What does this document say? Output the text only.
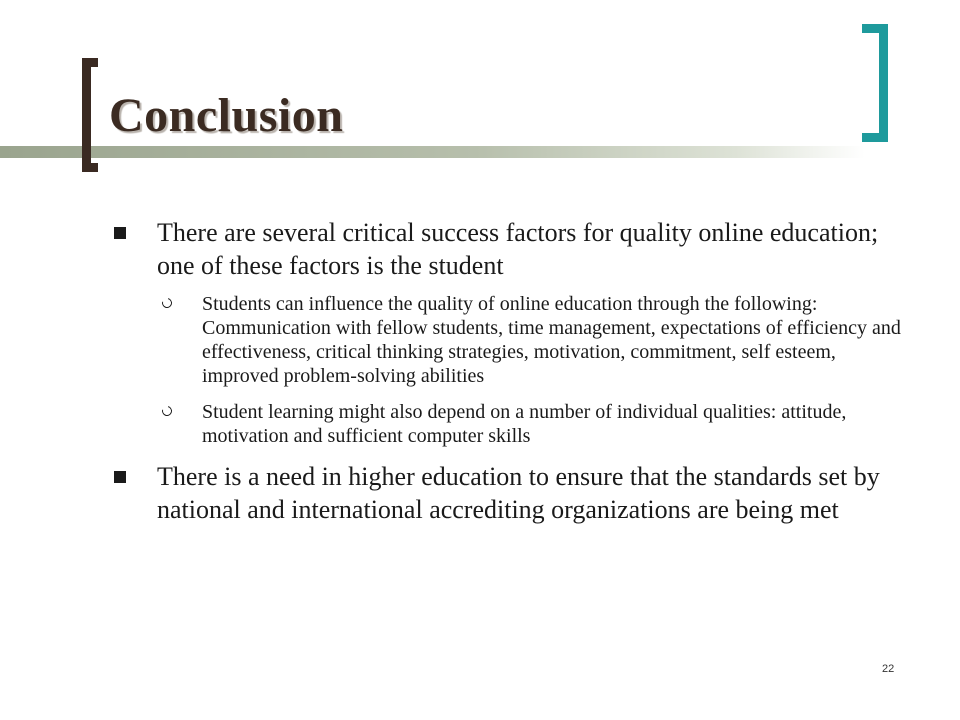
Conclusion
There are several critical success factors for quality online education; one of these factors is the student
Students can influence the quality of online education through the following: Communication with fellow students, time management, expectations of efficiency and effectiveness, critical thinking strategies, motivation, commitment, self esteem, improved problem-solving abilities
Student learning might also depend on a number of individual qualities: attitude, motivation and sufficient computer skills
There is a need in higher education to ensure that the standards set by national and international accrediting organizations are being met
22
